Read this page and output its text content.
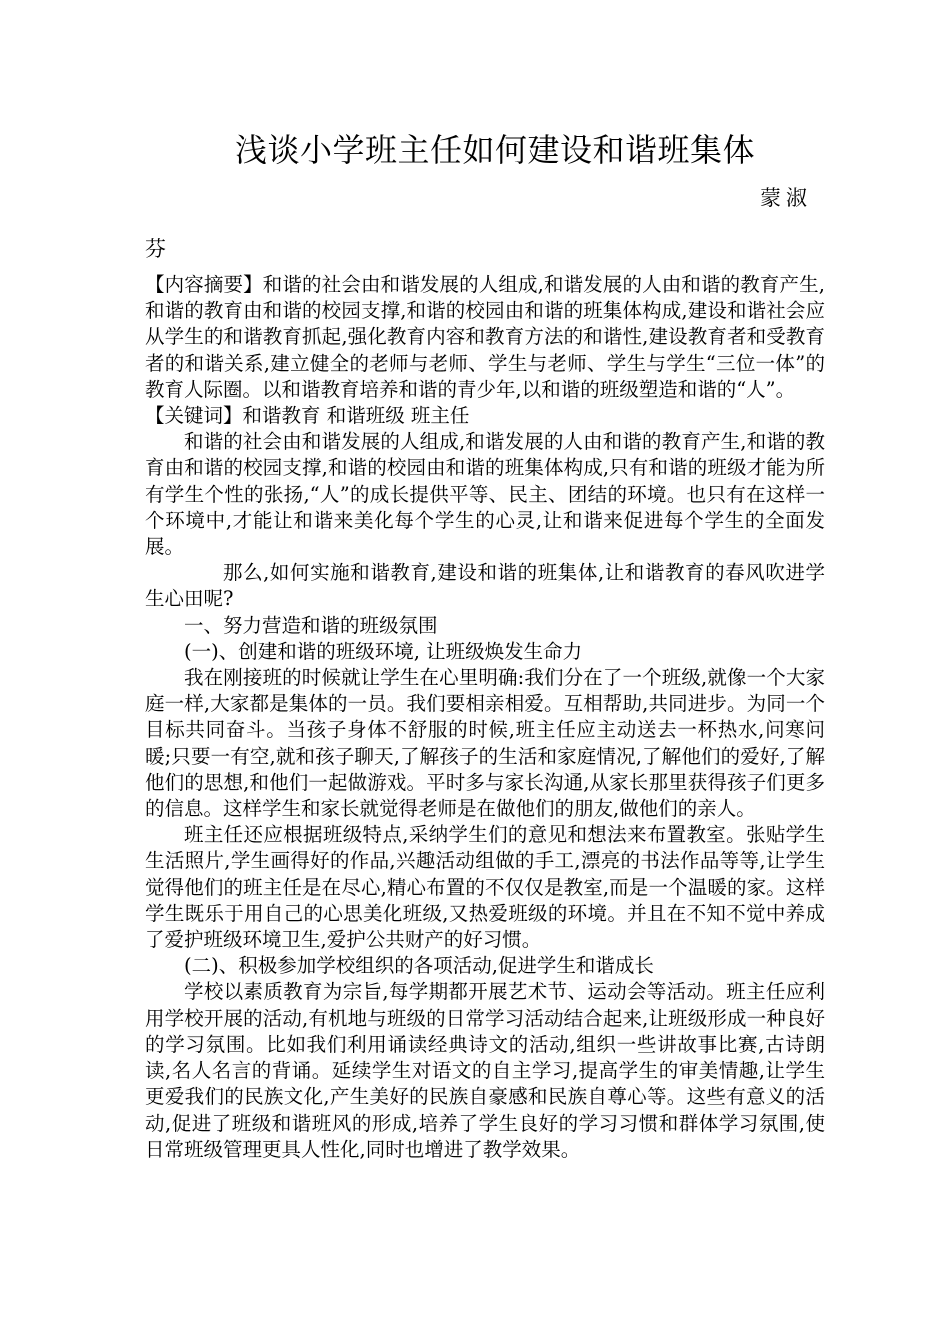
浅谈小学班主任如何建设和谐班集体
蒙淑
芬

【内容摘要】和谐的社会由和谐发展的人组成,和谐发展的人由和谐的教育产生,和谐的教育由和谐的校园支撑,和谐的校园由和谐的班集体构成,建设和谐社会应从学生的和谐教育抓起,强化教育内容和教育方法的和谐性,建设教育者和受教育者的和谐关系,建立健全的老师与老师、学生与老师、学生与学生“三位一体”的教育人际圈。以和谐教育培养和谐的青少年,以和谐的班级塑造和谐的“人”。

【关键词】和谐教育 和谐班级 班主任

和谐的社会由和谐发展的人组成,和谐发展的人由和谐的教育产生,和谐的教育由和谐的校园支撑,和谐的校园由和谐的班集体构成,只有和谐的班级才能为所有学生个性的张扬,“人”的成长提供平等、民主、团结的环境。也只有在这样一个环境中,才能让和谐来美化每个学生的心灵,让和谐来促进每个学生的全面发展。

那么,如何实施和谐教育,建设和谐的班集体,让和谐教育的春风吹进学生心田呢?

一、努力营造和谐的班级氛围

(一)、创建和谐的班级环境, 让班级焕发生命力

我在刚接班的时候就让学生在心里明确:我们分在了一个班级,就像一个大家庭一样,大家都是集体的一员。我们要相亲相爱。互相帮助,共同进步。为同一个目标共同奋斗。当孩子身体不舒服的时候,班主任应主动送去一杯热水,问寒问暖;只要一有空,就和孩子聊天,了解孩子的生活和家庭情况,了解他们的爱好,了解他们的思想,和他们一起做游戏。平时多与家长沟通,从家长那里获得孩子们更多的信息。这样学生和家长就觉得老师是在做他们的朋友,做他们的亲人。

班主任还应根据班级特点,采纳学生们的意见和想法来布置教室。张贴学生生活照片,学生画得好的作品,兴趣活动组做的手工,漂亮的书法作品等等,让学生觉得他们的班主任是在尽心,精心布置的不仅仅是教室,而是一个温暖的家。这样学生既乐于用自己的心思美化班级,又热爱班级的环境。并且在不知不觉中养成了爱护班级环境卫生,爱护公共财产的好习惯。

(二)、积极参加学校组织的各项活动,促进学生和谐成长

学校以素质教育为宗旨,每学期都开展艺术节、运动会等活动。班主任应利用学校开展的活动,有机地与班级的日常学习活动结合起来,让班级形成一种良好的学习氛围。比如我们利用诵读经典诗文的活动,组织一些讲故事比赛,古诗朗读,名人名言的背诵。延续学生对语文的自主学习,提高学生的审美情趣,让学生更爱我们的民族文化,产生美好的民族自豪感和民族自尊心等。这些有意义的活动,促进了班级和谐班风的形成,培养了学生良好的学习习惯和群体学习氛围,使日常班级管理更具人性化,同时也增进了教学效果。
